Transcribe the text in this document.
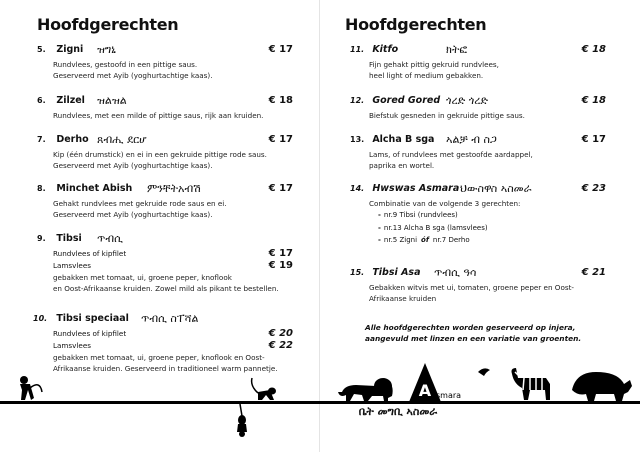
Hoofdgerechten
5. Zigni ዝግኒ	€ 17
Rundvlees, gestoofd in een pittige saus.
Geserveerd met Ayib (yoghurtachtige kaas).
6. Zilzel ዝልዝል	€ 18
Rundvlees, met een milde of pittige saus, rijk aan kruiden.
7. Derho ጸብሒ ደርሆ	€ 17
Kip (één drumstick) en ei in een gekruide pittige rode saus.
Geserveerd met Ayib (yoghurtachtige kaas).
8. Minchet Abish ምንቸትአብሽ	€ 17
Gehakt rundvlees met gekruide rode saus en ei.
Geserveerd met Ayib (yoghurtachtige kaas).
9. Tibsi ጥብሲ
Rundvlees of kipfilet	€ 17
Lamsvlees	€ 19
gebakken met tomaat, ui, groene peper, knoflook
en Oost-Afrikaanse kruiden. Zowel mild als pikant te bestellen.
10. Tibsi speciaal ጥብሲ ስፐሻል
Rundvlees of kipfilet	€ 20
Lamsvlees	€ 22
gebakken met tomaat, ui, groene peper, knoflook en Oost-
Afrikaanse kruiden. Geserveerd in traditioneel warm pannetje.
Hoofdgerechten
11. Kitfo	ክትፎ	€ 18
Fijn gehakt pittig gekruid rundvlees,
heel light of medium gebakken.
12. Gored Gored ጎረድ ጎረድ	€ 18
Biefstuk gesneden in gekruide pittige saus.
13. Alcha B sga ኣልቻ ብ ስጋ	€ 17
Lams, of rundvlees met gestoofde aardappel,
paprika en wortel.
14. Hwswas Asmara ህውስዋስ ኣስመራ	€ 23
Combinatie van de volgende 3 gerechten:
- nr.9 Tibsi (rundvlees)
- nr.13 Alcha B sga (lamsvlees)
- nr.5 Zigni óf nr.7 Derho
15. Tibsi Asa ጥብሲ ዓሳ	€ 21
Gebakken witvis met ui, tomaten, groene peper en Oost-
Afrikaanse kruiden
Alle hoofdgerechten worden geserveerd op injera,
aangevuld met linzen en een variatie van groenten.
A smara
ቤት መግቢ ኣስመራ
